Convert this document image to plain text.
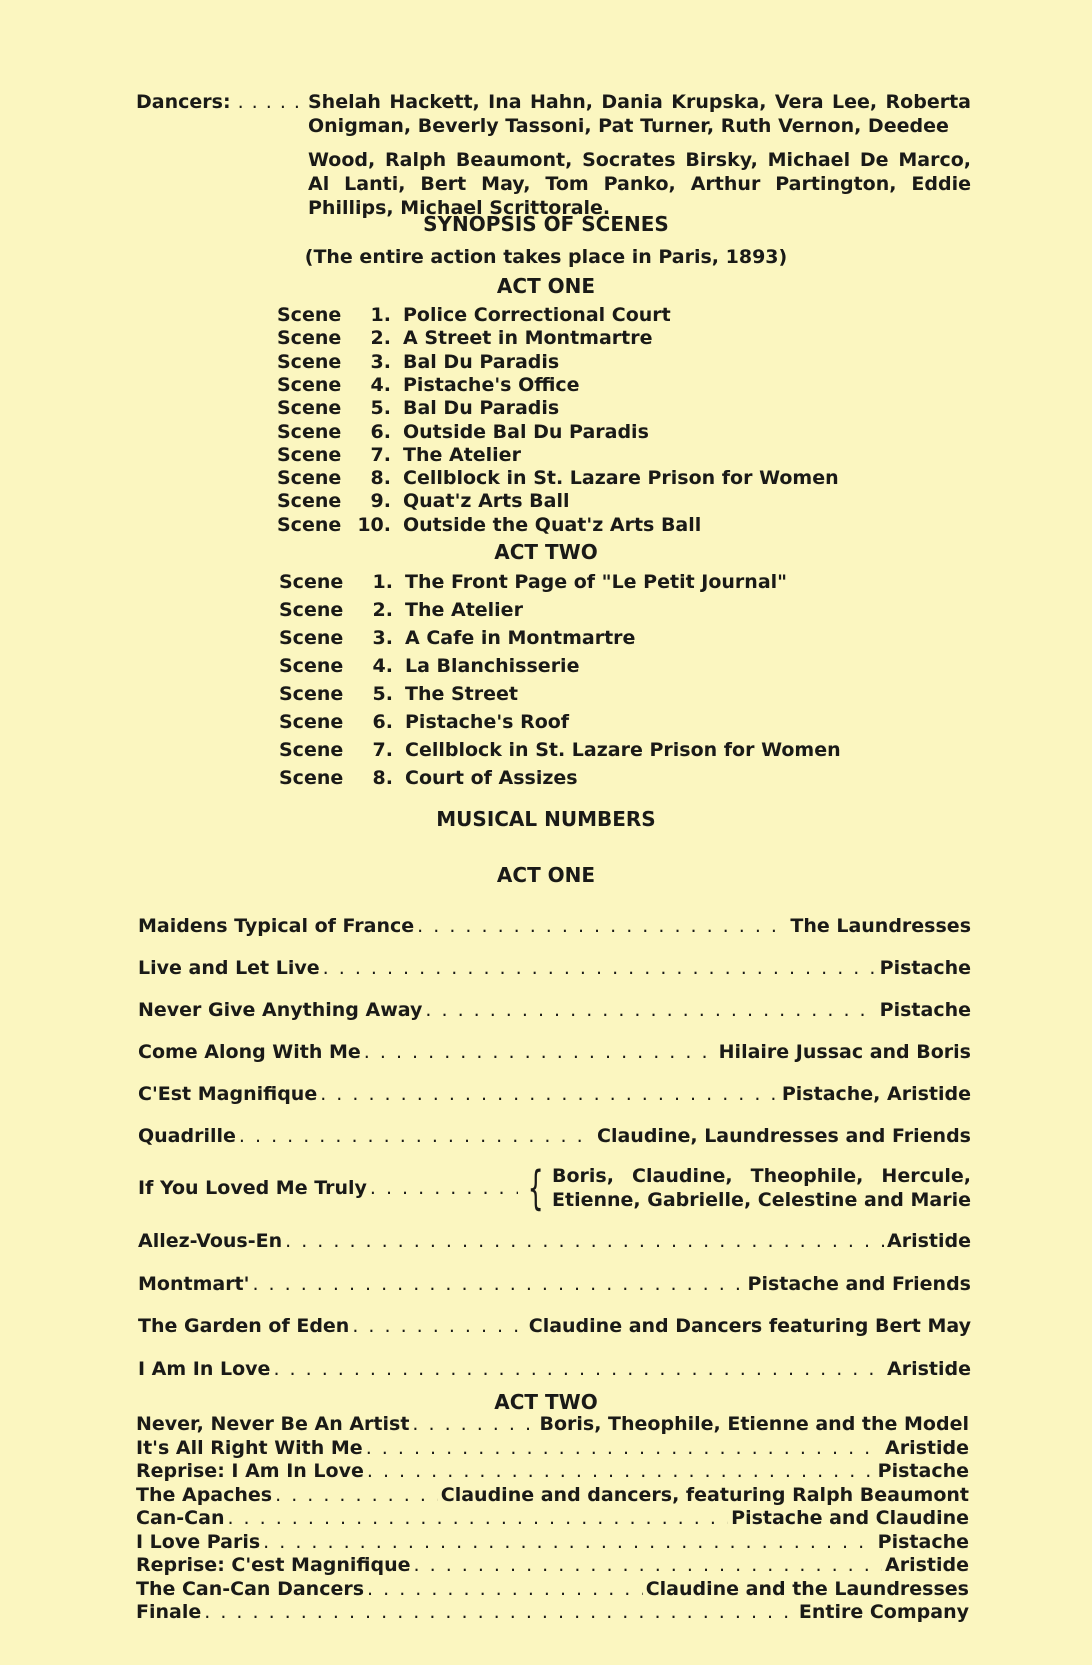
Dancers: . . .	Shelah Hackett, Ina Hahn, Dania Krupska, Vera Lee, Roberta Onigman, Beverly Tassoni, Pat Turner, Ruth Vernon, Deedee

Wood, Ralph Beaumont, Socrates Birsky, Michael De Marco, Al Lanti, Bert May, Tom Panko, Arthur Partington, Eddie Phillips, Michael Scrittorale.

SYNOPSIS OF SCENES
(The entire action takes place in Paris, 1893)
ACT ONE
Scene	1. Police Correctional Court
Scene	2. A Street in Montmartre
Scene	3. Bal Du Paradis
Scene	4. Pistache's Office
Scene	5. Bal Du Paradis
Scene	6. Outside Bal Du Paradis
Scene	7. The Atelier
Scene	8. Cellblock in St. Lazare Prison for Women
Scene	9. Quat'z Arts Ball
Scene 10. Outside the Quat'z Arts Ball
ACT TWO
Scene	1. The Front Page of "Le Petit Journal"
Scene	2. The Atelier
Scene	3. A Cafe in Montmartre
Scene	4. La Blanchisserie
Scene	5. The Street
Scene	6. Pistache's Roof
Scene	7. Cellblock in St. Lazare Prison for Women
Scene	8. Court of Assizes
MUSICAL NUMBERS
ACT ONE
Maidens Typical of France . . .	The Laundresses
Live and Let Live . . .	Pistache
Never Give Anything Away . . .	Pistache
Come Along With Me . . .	Hilaire Jussac and Boris
C'Est Magnifique . . .	Pistache, Aristide
Quadrille . . .	Claudine, Laundresses and Friends
If You Loved Me Truly . . .	{ Boris, Claudine, Theophile, Hercule,
Etienne, Gabrielle, Celestine and Marie
Allez-Vous-En . . .	Aristide
Montmart' . . .	Pistache and Friends
The Garden of Eden . . .	Claudine and Dancers featuring Bert May
I Am In Love . . .	Aristide
ACT TWO
Never, Never Be An Artist . . .	Boris, Theophile, Etienne and the Model
It's All Right With Me . . .	Aristide
Reprise: I Am In Love . . .	Pistache
The Apaches . . .	Claudine and dancers, featuring Ralph Beaumont
Can-Can . . .	Pistache and Claudine
I Love Paris . . .	Pistache
Reprise: C'est Magnifique . . .	Aristide
The Can-Can Dancers . . .	Claudine and the Laundresses
Finale . . .	Entire Company
